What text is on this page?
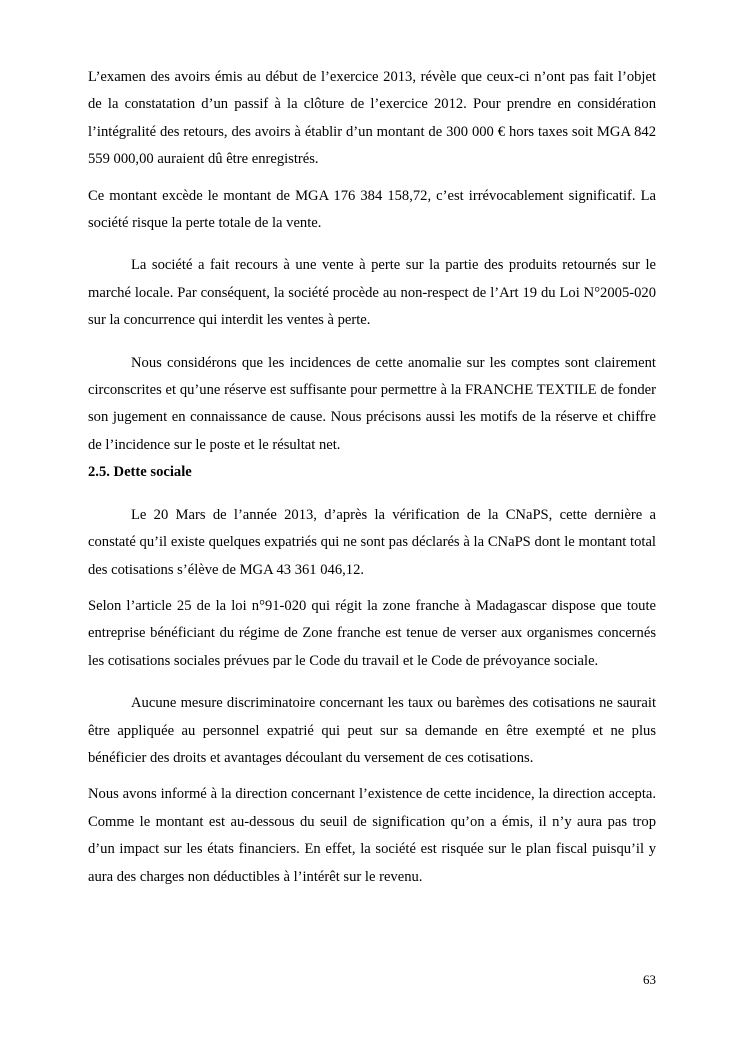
L’examen des avoirs émis au début de l’exercice 2013, révèle que ceux-ci n’ont pas fait l’objet de la constatation d’un passif à la clôture de l’exercice 2012. Pour prendre en considération l’intégralité des retours, des avoirs à établir d’un montant de 300 000 € hors taxes soit MGA 842 559 000,00 auraient dû être enregistrés.

Ce montant excède le montant de MGA 176 384 158,72, c’est irrévocablement significatif. La société risque la perte totale de la vente.

La société a fait recours à une vente à perte sur la partie des produits retournés sur le marché locale. Par conséquent, la société procède au non-respect de l’Art 19 du Loi N°2005-020 sur la concurrence qui interdit les ventes à perte.

Nous considérons que les incidences de cette anomalie sur les comptes sont clairement circonscrites et qu’une réserve est suffisante pour permettre à la FRANCHE TEXTILE de fonder son jugement en connaissance de cause. Nous précisons aussi les motifs de la réserve et chiffre de l’incidence sur le poste et le résultat net.

2.5. Dette sociale

Le 20 Mars de l’année 2013, d’après la vérification de la CNaPS, cette dernière a constaté qu’il existe quelques expatriés qui ne sont pas déclarés à la CNaPS dont le montant total des cotisations s’élève de MGA 43 361 046,12.

Selon l’article 25 de la loi n°91-020 qui régit la zone franche à Madagascar dispose que toute entreprise bénéficiant du régime de Zone franche est tenue de verser aux organismes concernés les cotisations sociales prévues par le Code du travail et le Code de prévoyance sociale.

Aucune mesure discriminatoire concernant les taux ou barèmes des cotisations ne saurait être appliquée au personnel expatrié qui peut sur sa demande en être exempté et ne plus bénéficier des droits et avantages découlant du versement de ces cotisations.

Nous avons informé à la direction concernant l’existence de cette incidence, la direction accepta. Comme le montant est au-dessous du seuil de signification qu’on a émis, il n’y aura pas trop d’un impact sur les états financiers. En effet, la société est risquée sur le plan fiscal puisqu’il y aura des charges non déductibles à l’intérêt sur le revenu.

63
